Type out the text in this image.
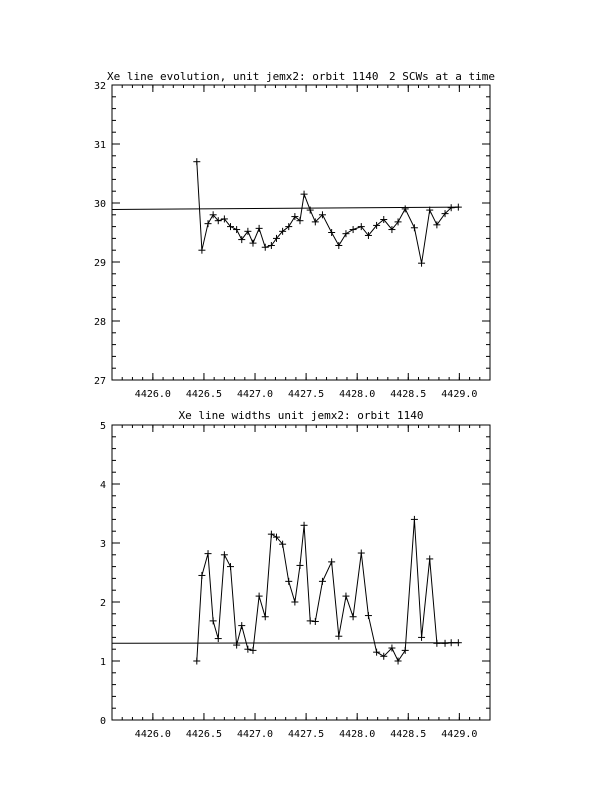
Xe line evolution, unit jemx2: orbit 1140 2 SCWs at a time
4426.0 4426.5 4427.0 4427.5 4428.0 4428.5 4429.0
27
28
29
30
31
32
Xe line widths unit jemx2: orbit 1140
4426.0 4426.5 4427.0 4427.5 4428.0 4428.5 4429.0
0
1
2
3
4
5
